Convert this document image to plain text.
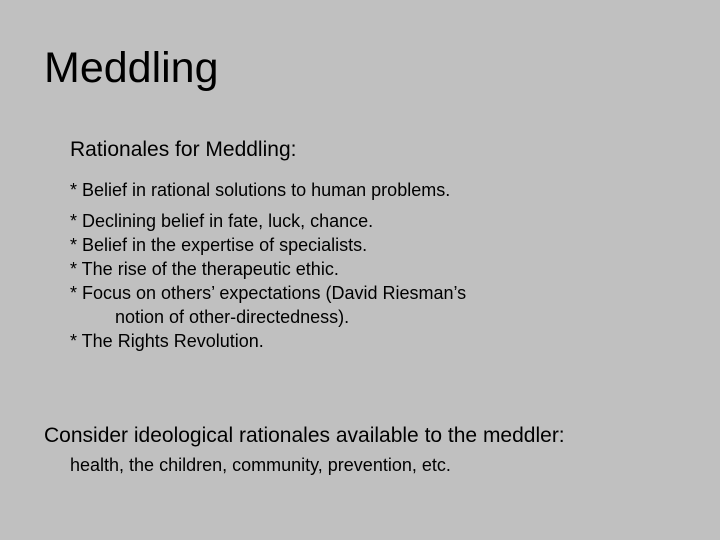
Meddling
Rationales for Meddling:
* Belief in rational solutions to human problems.
* Declining belief in fate, luck, chance.
* Belief in the expertise of specialists.
* The rise of the therapeutic ethic.
* Focus on others’ expectations (David Riesman’s
notion of other-directedness).
* The Rights Revolution.
Consider ideological rationales available to the meddler:
health, the children, community, prevention, etc.
